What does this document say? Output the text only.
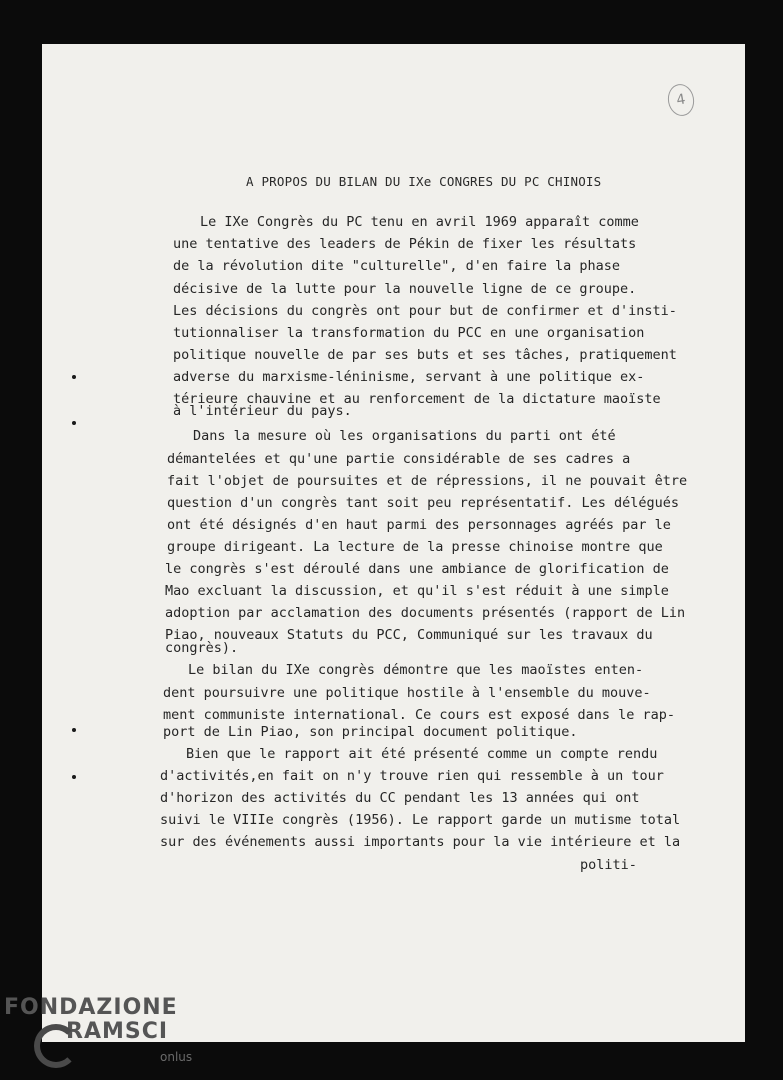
4
A PROPOS DU BILAN DU IXe CONGRES DU PC CHINOIS
Le IXe Congrès du PC tenu en avril 1969 apparaît comme
une tentative des leaders de Pékin de fixer les résultats
de la révolution dite "culturelle", d'en faire la phase
décisive de la lutte pour la nouvelle ligne de ce groupe.
Les décisions du congrès ont pour but de confirmer et d'insti-
tutionnaliser la transformation du PCC en une organisation
politique nouvelle de par ses buts et ses tâches, pratiquement
adverse du marxisme-léninisme, servant à une politique ex-
térieure chauvine et au renforcement de la dictature maoïste
à l'intérieur du pays.
Dans la mesure où les organisations du parti ont été
démantelées et qu'une partie considérable de ses cadres a
fait l'objet de poursuites et de répressions, il ne pouvait être
question d'un congrès tant soit peu représentatif. Les délégués
ont été désignés d'en haut parmi des personnages agréés par le
groupe dirigeant. La lecture de la presse chinoise montre que
le congrès s'est déroulé dans une ambiance de glorification de
Mao excluant la discussion, et qu'il s'est réduit à une simple
adoption par acclamation des documents présentés (rapport de Lin
Piao, nouveaux Statuts du PCC, Communiqué sur les travaux du
congrès).
Le bilan du IXe congrès démontre que les maoïstes enten-
dent poursuivre une politique hostile à l'ensemble du mouve-
ment communiste international. Ce cours est exposé dans le rap-
port de Lin Piao, son principal document politique.
Bien que le rapport ait été présenté comme un compte rendu
d'activités,en fait on n'y trouve rien qui ressemble à un tour
d'horizon des activités du CC pendant les 13 années qui ont
suivi le VIIIe congrès (1956). Le rapport garde un mutisme total
sur des événements aussi importants pour la vie intérieure et la
politi-
FONDAZIONE
RAMSCI
onlus
